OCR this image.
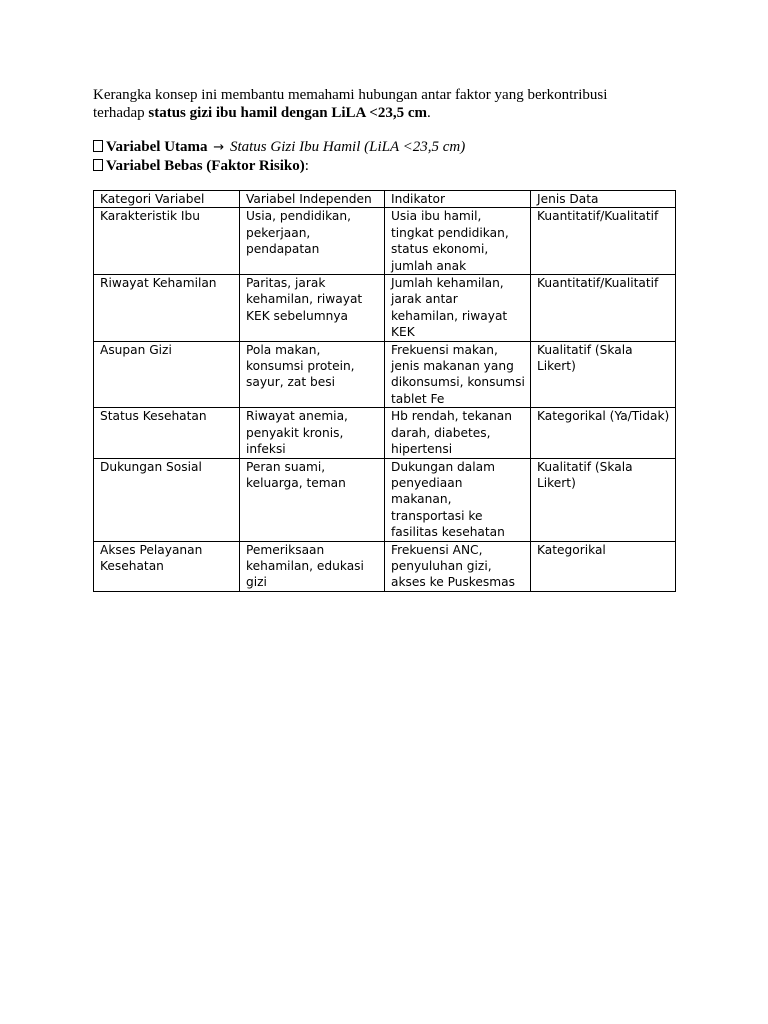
Kerangka konsep ini membantu memahami hubungan antar faktor yang berkontribusi
terhadap status gizi ibu hamil dengan LiLA <23,5 cm.

Variabel Utama → Status Gizi Ibu Hamil (LiLA <23,5 cm)
Variabel Bebas (Faktor Risiko):
Kategori Variabel	Variabel Independen	Indikator	Jenis Data
Karakteristik Ibu	Usia, pendidikan, pekerjaan, pendapatan	Usia ibu hamil, tingkat pendidikan, status ekonomi, jumlah anak	Kuantitatif/Kualitatif
Riwayat Kehamilan	Paritas, jarak kehamilan, riwayat KEK sebelumnya	Jumlah kehamilan, jarak antar kehamilan, riwayat KEK	Kuantitatif/Kualitatif
Asupan Gizi	Pola makan, konsumsi protein, sayur, zat besi	Frekuensi makan, jenis makanan yang dikonsumsi, konsumsi tablet Fe	Kualitatif (Skala Likert)
Status Kesehatan	Riwayat anemia, penyakit kronis, infeksi	Hb rendah, tekanan darah, diabetes, hipertensi	Kategorikal (Ya/Tidak)
Dukungan Sosial	Peran suami, keluarga, teman	Dukungan dalam penyediaan makanan, transportasi ke fasilitas kesehatan	Kualitatif (Skala Likert)
Akses Pelayanan Kesehatan	Pemeriksaan kehamilan, edukasi gizi	Frekuensi ANC, penyuluhan gizi, akses ke Puskesmas	Kategorikal
